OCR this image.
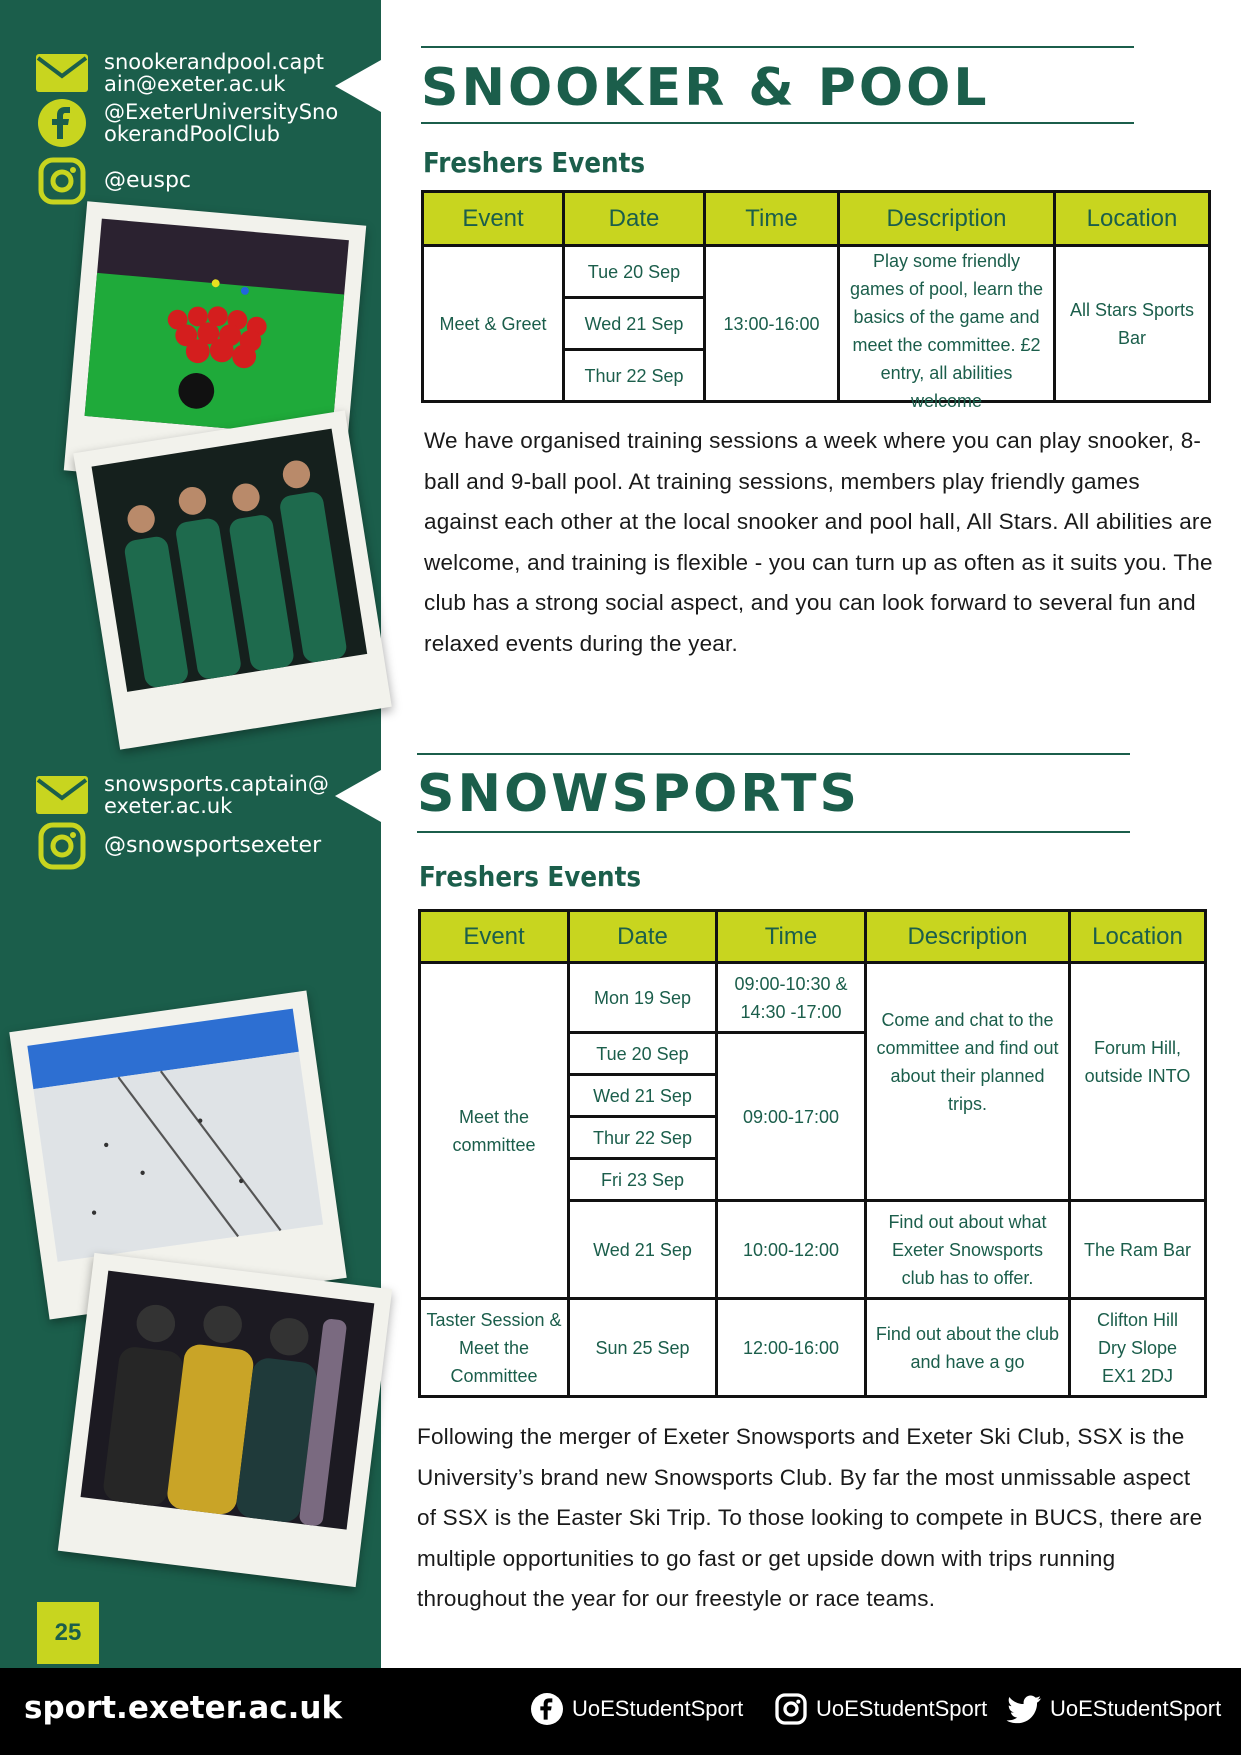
snookerandpool.capt
ain@exeter.ac.uk
@ExeterUniversitySno
okerandPoolClub
@euspc
snowsports.captain@
exeter.ac.uk
@snowsportsexeter
25
SNOOKER & POOL
Freshers Events
Event	Date	Time	Description	Location
Meet & Greet	Tue 20 Sep	13:00-16:00	Play some friendly games of pool, learn the basics of the game and meet the committee. £2 entry, all abilities welcome	All Stars Sports Bar
	Wed 21 Sep			
	Thur 22 Sep			

We have organised training sessions a week where you can play snooker, 8-ball and 9-ball pool. At training sessions, members play friendly games against each other at the local snooker and pool hall, All Stars. All abilities are welcome, and training is flexible - you can turn up as often as it suits you. The club has a strong social aspect, and you can look forward to several fun and relaxed events during the year.

SNOWSPORTS
Freshers Events
Event	Date	Time	Description	Location
Meet the committee	Mon 19 Sep	09:00-10:30 & 14:30 -17:00	Come and chat to the committee and find out about their planned trips.	Forum Hill, outside INTO
	Tue 20 Sep	09:00-17:00		
	Wed 21 Sep			
	Thur 22 Sep			
	Fri 23 Sep			
	Wed 21 Sep	10:00-12:00	Find out about what Exeter Snowsports club has to offer.	The Ram Bar
Taster Session & Meet the Committee	Sun 25 Sep	12:00-16:00	Find out about the club and have a go	Clifton Hill Dry Slope EX1 2DJ

Following the merger of Exeter Snowsports and Exeter Ski Club, SSX is the University’s brand new Snowsports Club. By far the most unmissable aspect of SSX is the Easter Ski Trip. To those looking to compete in BUCS, there are multiple opportunities to go fast or get upside down with trips running throughout the year for our freestyle or race teams.

sport.exeter.ac.uk	UoEStudentSport	UoEStudentSport	UoEStudentSport
